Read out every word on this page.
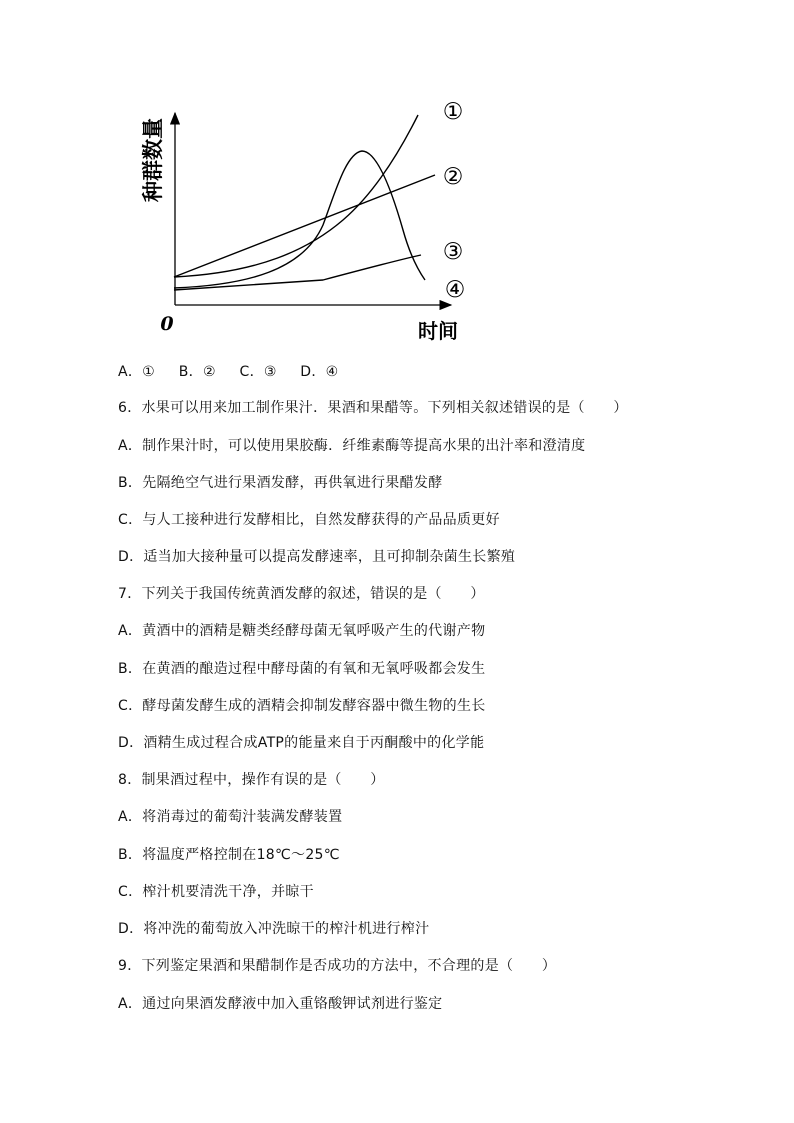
种群数量
时间
0
①
②
③
④
A．① B．② C．③ D．④
6．水果可以用来加工制作果汁．果酒和果醋等。下列相关叙述错误的是（　　）
A．制作果汁时，可以使用果胶酶．纤维素酶等提高水果的出汁率和澄清度
B．先隔绝空气进行果酒发酵，再供氧进行果醋发酵
C．与人工接种进行发酵相比，自然发酵获得的产品品质更好
D．适当加大接种量可以提高发酵速率，且可抑制杂菌生长繁殖
7．下列关于我国传统黄酒发酵的叙述，错误的是（　　）
A．黄酒中的酒精是糖类经酵母菌无氧呼吸产生的代谢产物
B．在黄酒的酿造过程中酵母菌的有氧和无氧呼吸都会发生
C．酵母菌发酵生成的酒精会抑制发酵容器中微生物的生长
D．酒精生成过程合成ATP的能量来自于丙酮酸中的化学能
8．制果酒过程中，操作有误的是（　　）
A．将消毒过的葡萄汁装满发酵装置
B．将温度严格控制在18℃～25℃
C．榨汁机要清洗干净，并晾干
D．将冲洗的葡萄放入冲洗晾干的榨汁机进行榨汁
9．下列鉴定果酒和果醋制作是否成功的方法中，不合理的是（　　）
A．通过向果酒发酵液中加入重铬酸钾试剂进行鉴定
